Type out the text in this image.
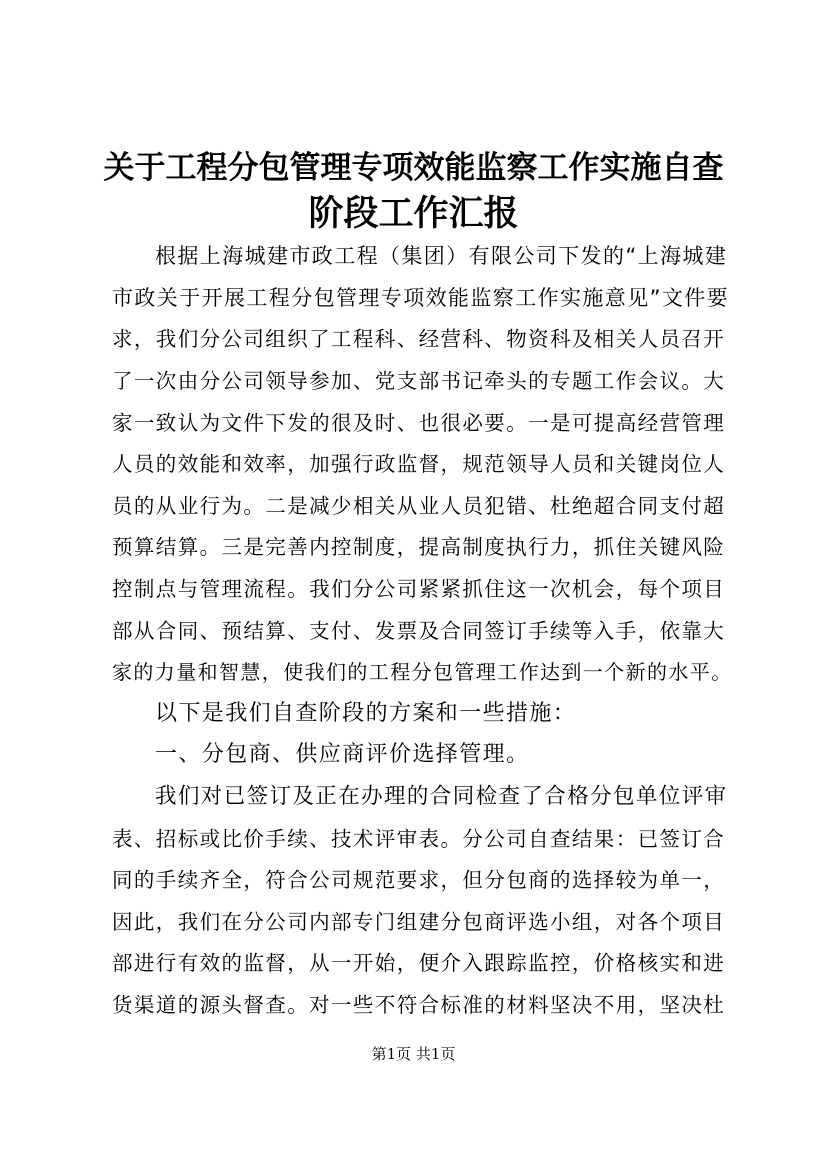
关于工程分包管理专项效能监察工作实施自查
阶段工作汇报

根据上海城建市政工程（集团）有限公司下发的“上海城建

市政关于开展工程分包管理专项效能监察工作实施意见”文件要

求，我们分公司组织了工程科、经营科、物资科及相关人员召开

了一次由分公司领导参加、党支部书记牵头的专题工作会议。大

家一致认为文件下发的很及时、也很必要。一是可提高经营管理

人员的效能和效率，加强行政监督，规范领导人员和关键岗位人

员的从业行为。二是减少相关从业人员犯错、杜绝超合同支付超

预算结算。三是完善内控制度，提高制度执行力，抓住关键风险

控制点与管理流程。我们分公司紧紧抓住这一次机会，每个项目

部从合同、预结算、支付、发票及合同签订手续等入手，依靠大

家的力量和智慧，使我们的工程分包管理工作达到一个新的水平。

以下是我们自查阶段的方案和一些措施：

一、分包商、供应商评价选择管理。

我们对已签订及正在办理的合同检查了合格分包单位评审

表、招标或比价手续、技术评审表。分公司自查结果：已签订合

同的手续齐全，符合公司规范要求，但分包商的选择较为单一，

因此，我们在分公司内部专门组建分包商评选小组，对各个项目

部进行有效的监督，从一开始，便介入跟踪监控，价格核实和进

货渠道的源头督查。对一些不符合标准的材料坚决不用，坚决杜

第1页 共1页
